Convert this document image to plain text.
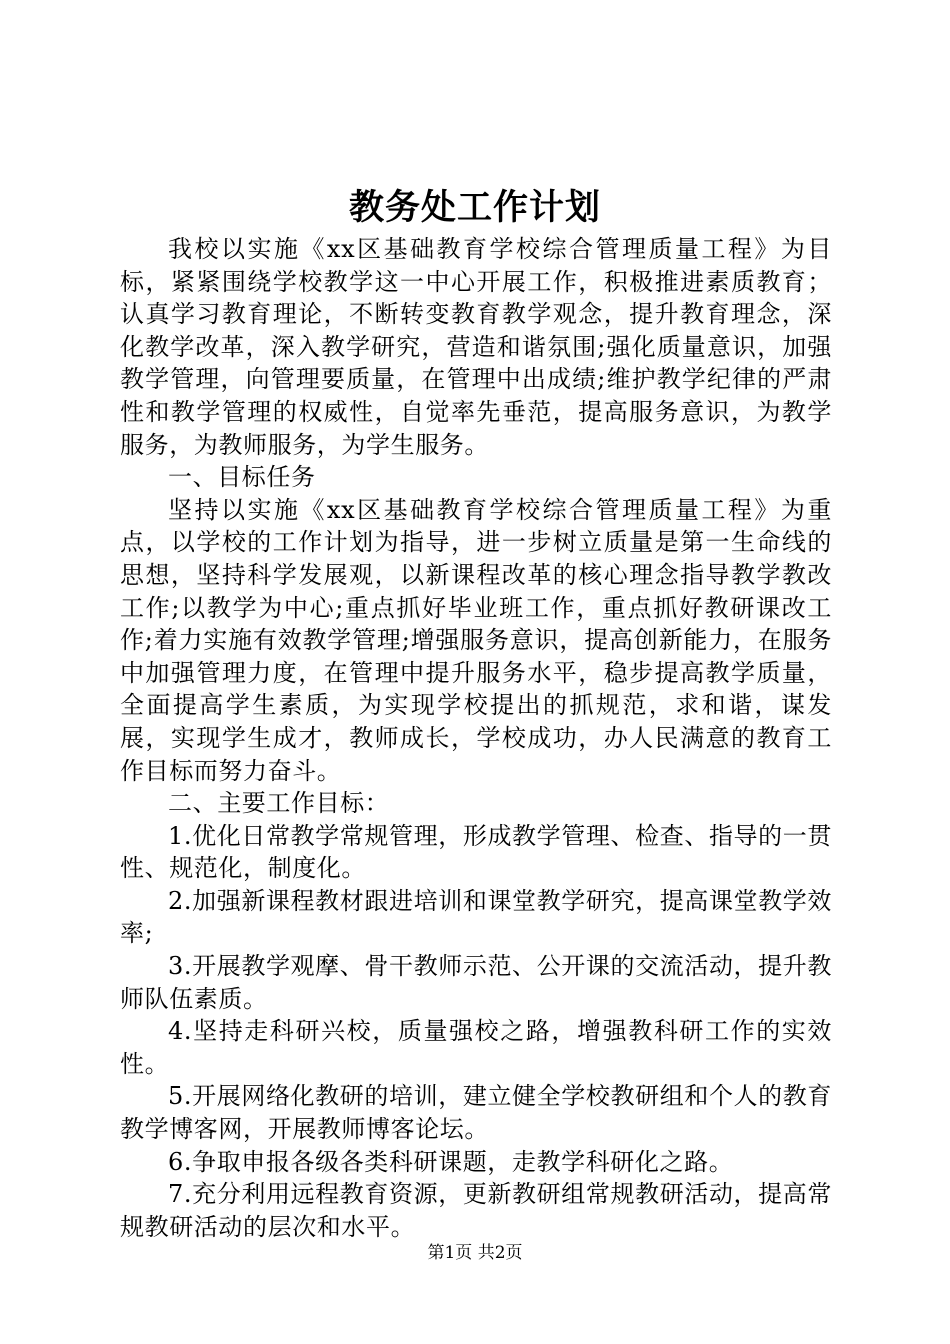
教务处工作计划

我校以实施《xx区基础教育学校综合管理质量工程》为目标，紧紧围绕学校教学这一中心开展工作，积极推进素质教育；认真学习教育理论，不断转变教育教学观念，提升教育理念，深化教学改革，深入教学研究，营造和谐氛围;强化质量意识，加强教学管理，向管理要质量，在管理中出成绩;维护教学纪律的严肃性和教学管理的权威性，自觉率先垂范，提高服务意识，为教学服务，为教师服务，为学生服务。

一、目标任务

坚持以实施《xx区基础教育学校综合管理质量工程》为重点，以学校的工作计划为指导，进一步树立质量是第一生命线的思想，坚持科学发展观，以新课程改革的核心理念指导教学教改工作;以教学为中心;重点抓好毕业班工作，重点抓好教研课改工作;着力实施有效教学管理;增强服务意识，提高创新能力，在服务中加强管理力度，在管理中提升服务水平，稳步提高教学质量，全面提高学生素质，为实现学校提出的抓规范，求和谐，谋发展，实现学生成才，教师成长，学校成功，办人民满意的教育工作目标而努力奋斗。

二、主要工作目标：

1.优化日常教学常规管理，形成教学管理、检查、指导的一贯性、规范化，制度化。

2.加强新课程教材跟进培训和课堂教学研究，提高课堂教学效率;

3.开展教学观摩、骨干教师示范、公开课的交流活动，提升教师队伍素质。

4.坚持走科研兴校，质量强校之路，增强教科研工作的实效性。

5.开展网络化教研的培训，建立健全学校教研组和个人的教育教学博客网，开展教师博客论坛。

6.争取申报各级各类科研课题，走教学科研化之路。

7.充分利用远程教育资源，更新教研组常规教研活动，提高常规教研活动的层次和水平。

第1页 共2页
